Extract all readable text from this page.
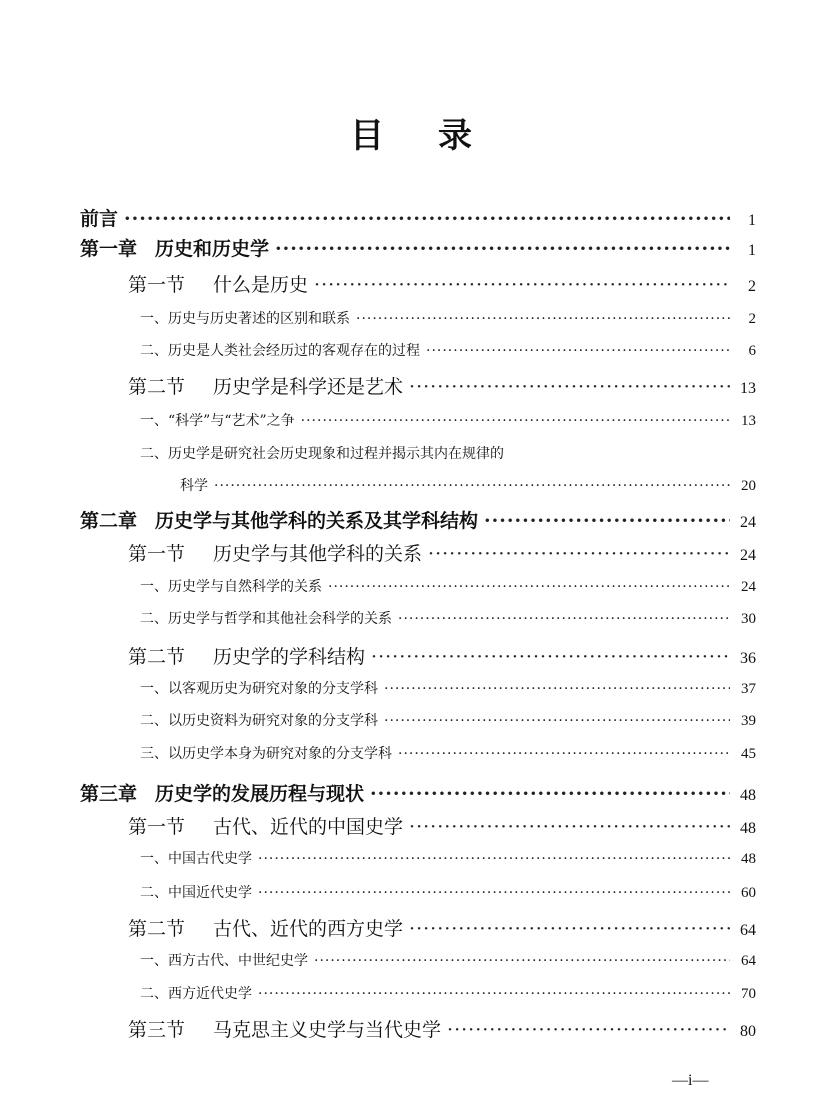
目 录
前言 ·····	1
第一章 历史和历史学 ·····	1
第一节 什么是历史 ·····	2
一、历史与历史著述的区别和联系 ·····	2
二、历史是人类社会经历过的客观存在的过程 ·····	6
第二节 历史学是科学还是艺术 ·····	13
一、“科学”与“艺术”之争 ·····	13
二、历史学是研究社会历史现象和过程并揭示其内在规律的
科学 ·····	20
第二章 历史学与其他学科的关系及其学科结构 ·····	24
第一节 历史学与其他学科的关系 ·····	24
一、历史学与自然科学的关系 ·····	24
二、历史学与哲学和其他社会科学的关系 ·····	30
第二节 历史学的学科结构 ·····	36
一、以客观历史为研究对象的分支学科 ·····	37
二、以历史资料为研究对象的分支学科 ·····	39
三、以历史学本身为研究对象的分支学科 ·····	45
第三章 历史学的发展历程与现状 ·····	48
第一节 古代、近代的中国史学 ·····	48
一、中国古代史学 ·····	48
二、中国近代史学 ·····	60
第二节 古代、近代的西方史学 ·····	64
一、西方古代、中世纪史学 ·····	64
二、西方近代史学 ·····	70
第三节 马克思主义史学与当代史学 ·····	80
—i—
